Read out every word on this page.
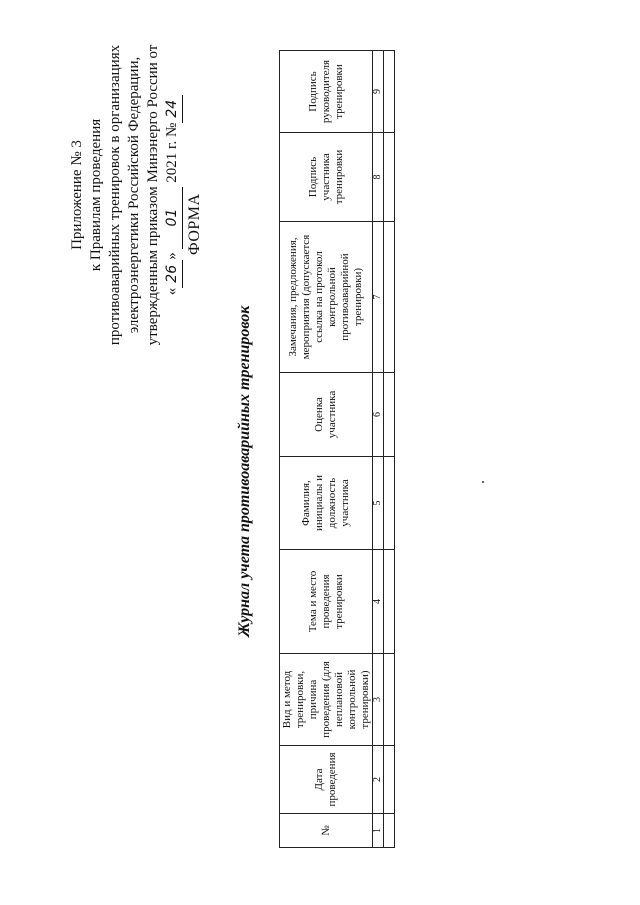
Приложение № 3 к Правилам проведения противоаварийных тренировок в организациях электроэнергетики Российской Федерации, утвержденным приказом Минэнерго России от «26» 01 2021 г. №24
ФОРМА
Журнал учета противоаварийных тренировок
№	Дата проведения	Вид и метод тренировки, причина проведения (для неплановой контрольной тренировки)	Тема и место проведения тренировки	Фамилия, инициалы и должность участника	Оценка участника	Замечания, предложения, мероприятия (допускается ссылка на протокол контрольной противоаварийной тренировки)	Подпись участника тренировки	Подпись руководителя тренировки
1	2	3	4	5	6	7	8	9
